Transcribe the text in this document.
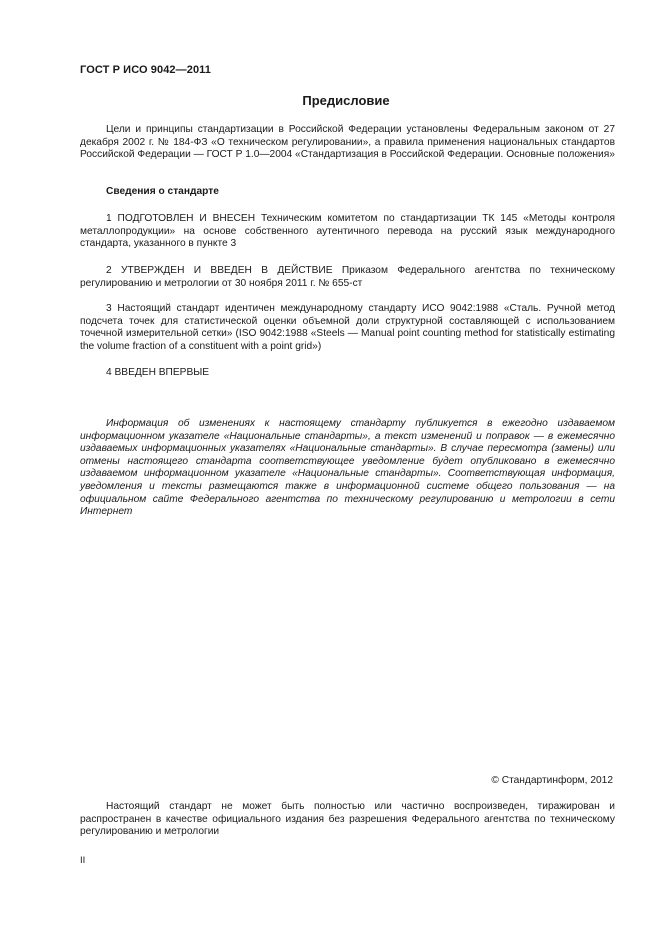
ГОСТ Р ИСО 9042—2011
Предисловие
Цели и принципы стандартизации в Российской Федерации установлены Федеральным законом от 27 декабря 2002 г. № 184-ФЗ «О техническом регулировании», а правила применения национальных стандартов Российской Федерации — ГОСТ Р 1.0—2004 «Стандартизация в Российской Федерации. Основные положения»
Сведения о стандарте
1 ПОДГОТОВЛЕН И ВНЕСЕН Техническим комитетом по стандартизации ТК 145 «Методы контроля металлопродукции» на основе собственного аутентичного перевода на русский язык международного стандарта, указанного в пункте 3
2 УТВЕРЖДЕН И ВВЕДЕН В ДЕЙСТВИЕ Приказом Федерального агентства по техническому регулированию и метрологии от 30 ноября 2011 г. № 655-ст
3 Настоящий стандарт идентичен международному стандарту ИСО 9042:1988 «Сталь. Ручной метод подсчета точек для статистической оценки объемной доли структурной составляющей с использованием точечной измерительной сетки» (ISO 9042:1988 «Steels — Manual point counting method for statistically estimating the volume fraction of a constituent with a point grid»)
4 ВВЕДЕН ВПЕРВЫЕ
Информация об изменениях к настоящему стандарту публикуется в ежегодно издаваемом информационном указателе «Национальные стандарты», а текст изменений и поправок — в ежемесячно издаваемых информационных указателях «Национальные стандарты». В случае пересмотра (замены) или отмены настоящего стандарта соответствующее уведомление будет опубликовано в ежемесячно издаваемом информационном указателе «Национальные стандарты». Соответствующая информация, уведомления и тексты размещаются также в информационной системе общего пользования — на официальном сайте Федерального агентства по техническому регулированию и метрологии в сети Интернет
© Стандартинформ, 2012
Настоящий стандарт не может быть полностью или частично воспроизведен, тиражирован и распространен в качестве официального издания без разрешения Федерального агентства по техническому регулированию и метрологии
II
